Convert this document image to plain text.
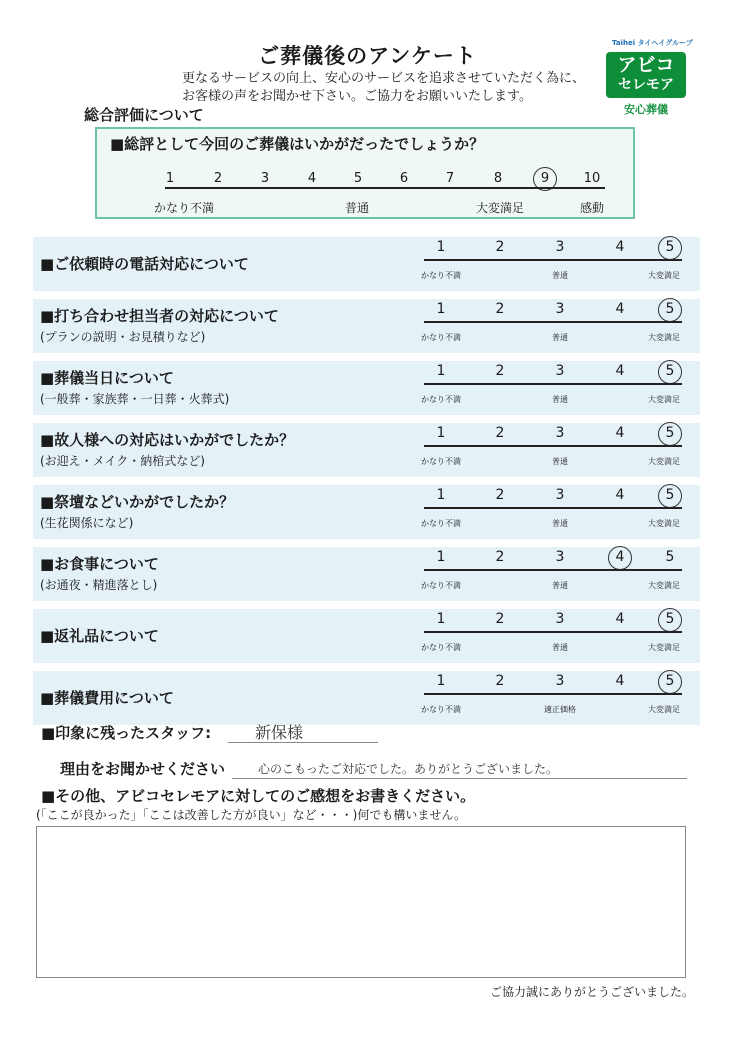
ご葬儀後のアンケート
更なるサービスの向上、安心のサービスを追求させていただく為に、
お客様の声をお聞かせ下さい。ご協力をお願いいたします。
Taihei タイヘイグループ
アビコ
セレモア
安心葬儀
総合評価について
■総評として今回のご葬儀はいかがだったでしょうか？
1	2	3	4	5	6	7	8	9	10
かなり不満	普通	大変満足	感動
■ご依頼時の電話対応について
1	2	3	4	5
かなり不満	普通	大変満足
■打ち合わせ担当者の対応について
(プランの説明・お見積りなど)
1	2	3	4	5
かなり不満	普通	大変満足
■葬儀当日について
(一般葬・家族葬・一日葬・火葬式)
1	2	3	4	5
かなり不満	普通	大変満足
■故人様への対応はいかがでしたか？
(お迎え・メイク・納棺式など)
1	2	3	4	5
かなり不満	普通	大変満足
■祭壇などいかがでしたか？
(生花関係になど)
1	2	3	4	5
かなり不満	普通	大変満足
■お食事について
(お通夜・精進落とし)
1	2	3	4	5
かなり不満	普通	大変満足
■返礼品について
1	2	3	4	5
かなり不満	普通	大変満足
■葬儀費用について
1	2	3	4	5
かなり不満	適正価格	大変満足
■印象に残ったスタッフ:	新保様
理由をお聞かせください	心のこもったご対応でした。ありがとうございました。
■その他、アビコセレモアに対してのご感想をお書きください。
(「ここが良かった」「ここは改善した方が良い」など・・・)何でも構いません。
ご協力誠にありがとうございました。
